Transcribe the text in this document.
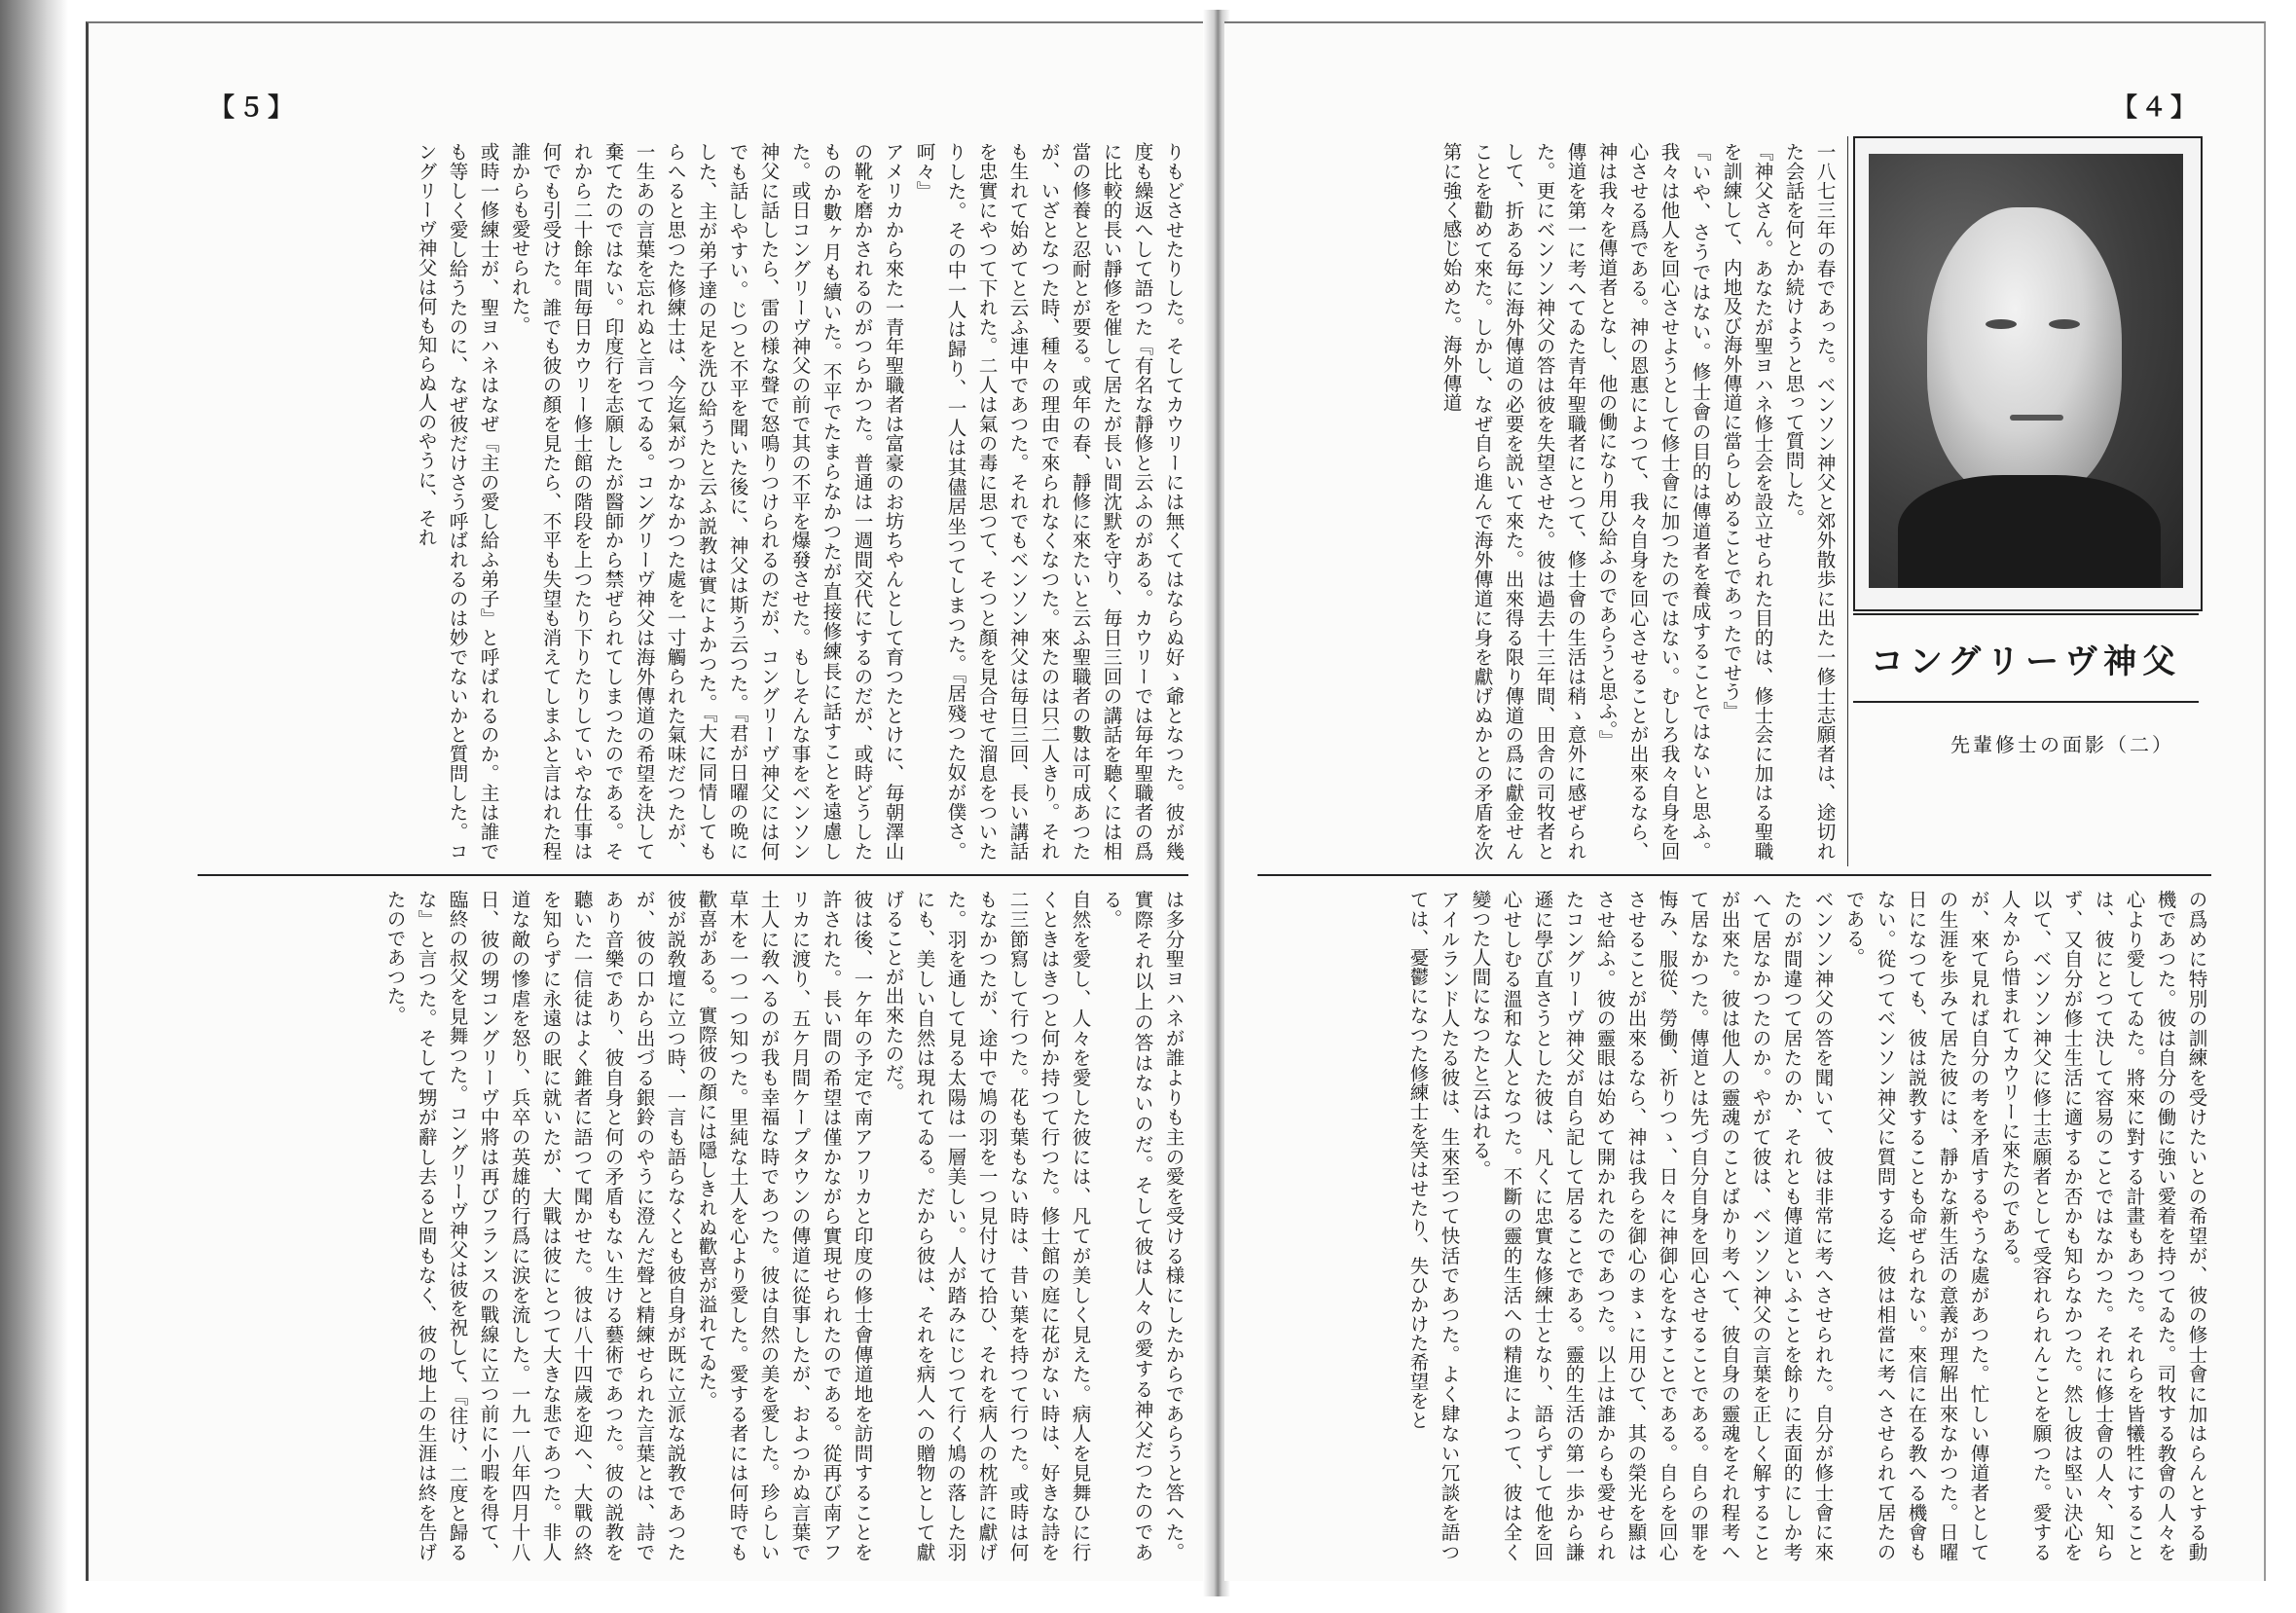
【５】
りもどさせたりした。そしてカウリーには無くてはならぬ好ゝ爺となつた。彼が幾度も繰返へして語つた『有名な靜修と云ふのがある。カウリーでは毎年聖職者の爲に比較的長い靜修を催して居たが長い間沈默を守り、毎日三回の講話を聽くには相當の修養と忍耐とが要る。或年の春、靜修に來たいと云ふ聖職者の數は可成あつたが、いざとなつた時、種々の理由で來られなくなつた。來たのは只二人きり。それも生れて始めてと云ふ連中であつた。それでもベンソン神父は毎日三回、長い講話を忠實にやつて下れた。二人は氣の毒に思つて、そつと顏を見合せて溜息をついたりした。その中一人は歸り、一人は其儘居坐つてしまつた。『居殘つた奴が僕さ。呵々』
アメリカから來た一青年聖職者は富豪のお坊ちやんとして育つたとけに、毎朝澤山の靴を磨かされるのがつらかつた。普通は一週間交代にするのだが、或時どうしたものか數ヶ月も續いた。不平でたまらなかつたが直接修練長に話すことを遠慮した。或日コングリーヴ神父の前で其の不平を爆發させた。もしそんな事をベンソン神父に話したら、雷の様な聲で怒鳴りつけられるのだが、コングリーヴ神父には何でも話しやすい。じつと不平を聞いた後に、神父は斯う云つた。『君が日曜の晩にした、主が弟子達の足を洗ひ給うたと云ふ説教は實によかつた。『大に同情してもらへると思つた修練士は、今迄氣がつかなかつた處を一寸觸られた氣味だつたが、一生あの言葉を忘れぬと言つてゐる。コングリーヴ神父は海外傳道の希望を決して棄てたのではない。印度行を志願したが醫師から禁ぜられてしまつたのである。それから二十餘年間毎日カウリー修士館の階段を上つたり下りたりしていやな仕事は何でも引受けた。誰でも彼の顏を見たら、不平も失望も消えてしまふと言はれた程誰からも愛せられた。
或時一修練士が、聖ヨハネはなぜ『主の愛し給ふ弟子』と呼ばれるのか。主は誰でも等しく愛し給うたのに、なぜ彼だけさう呼ばれるのは妙でないかと質問した。コングリーヴ神父は何も知らぬ人のやうに、それ
は多分聖ヨハネが誰よりも主の愛を受ける様にしたからであらうと答へた。實際それ以上の答はないのだ。そして彼は人々の愛する神父だつたのである。
自然を愛し、人々を愛した彼には、凡てが美しく見えた。病人を見舞ひに行くときはきつと何か持つて行つた。修士館の庭に花がない時は、好きな詩を二三節寫して行つた。花も葉もない時は、昔い葉を持つて行つた。或時は何もなかつたが、途中で鳩の羽を一つ見付けて拾ひ、それを病人の枕許に獻げた。羽を通して見る太陽は一層美しい。人が踏みにじつて行く鳩の落した羽にも、美しい自然は現れてゐる。だから彼は、それを病人への贈物として獻げることが出來たのだ。
彼は後、一ケ年の予定で南アフリカと印度の修士會傳道地を訪問することを許された。長い間の希望は僅かながら實現せられたのである。從再び南アフリカに渡り、五ケ月間ケープタウンの傳道に從事したが、およつかぬ言葉で土人に敎へるのが我も幸福な時であつた。彼は自然の美を愛した。珍らしい草木を一つ一つ知つた。里純な土人を心より愛した。愛する者には何時でも歡喜がある。實際彼の顏には隱しきれぬ歡喜が溢れてゐた。
彼が説敎壇に立つ時、一言も語らなくとも彼自身が既に立派な説教であつたが、彼の口から出づる銀鈴のやうに澄んだ聲と精練せられた言葉とは、詩であり音樂であり、彼自身と何の矛盾もない生ける藝術であつた。彼の説教を聽いた一信徒はよく錐者に語つて聞かせた。彼は八十四歲を迎へ、大戰の終を知らずに永遠の眠に就いたが、大戰は彼にとつて大きな悲であつた。非人道な敵の慘虐を怒り、兵卒の英雄的行爲に涙を流した。一九一八年四月十八日、彼の甥コングリーヴ中將は再びフランスの戰線に立つ前に小暇を得て、臨終の叔父を見舞つた。コングリーヴ神父は彼を祝して、『往け、二度と歸るな』と言つた。そして甥が辭し去ると間もなく、彼の地上の生涯は終を告げたのであつた。
【４】
一八七三年の春であった。ベンソン神父と郊外散歩に出た一修士志願者は、途切れた会話を何とか続けようと思って質問した。
『神父さん。あなたが聖ヨハネ修士会を設立せられた目的は、修士会に加はる聖職を訓練して、内地及び海外傳道に當らしめることであったでせう』
『いや、さうではない。修士會の目的は傳道者を養成することではないと思ふ。我々は他人を回心させようとして修士會に加つたのではない。むしろ我々自身を回心させる爲である。神の恩惠によつて、我々自身を回心させることが出來るなら、神は我々を傳道者となし、他の働になり用ひ給ふのであらうと思ふ。』
傳道を第一に考へてゐた青年聖職者にとつて、修士會の生活は稍ゝ意外に感ぜられた。更にベンソン神父の答は彼を失望させた。彼は過去十三年間、田舎の司牧者として、折ある毎に海外傳道の必要を説いて來た。出來得る限り傳道の爲に獻金せんことを勸めて來た。しかし、なぜ自ら進んで海外傳道に身を獻げぬかとの矛盾を次第に強く感じ始めた。海外傳道
コングリーヴ神父
先輩修士の面影（二）
の爲めに特別の訓練を受けたいとの希望が、彼の修士會に加はらんとする動機であつた。彼は自分の働に強い愛着を持つてゐた。司牧する教會の人々を心より愛してゐた。將來に對する計畫もあつた。それらを皆犧牲にすることは、彼にとつて決して容易のことではなかつた。それに修士會の人々、知らず、又自分が修士生活に適するか否かも知らなかつた。然し彼は堅い決心を以て、ベンソン神父に修士志願者として受容れられんことを願つた。愛する人々から惜まれてカウリーに來たのである。
が、來て見れば自分の考を矛盾するやうな處があつた。忙しい傳道者としての生涯を歩みて居た彼には、靜かな新生活の意義が理解出來なかつた。日曜日になつても、彼は説教することも命ぜられない。來信に在る教へる機會もない。從つてベンソン神父に質問する迄、彼は相當に考へさせられて居たのである。
ベンソン神父の答を聞いて、彼は非常に考へさせられた。自分が修士會に來たのが間違つて居たのか、それとも傳道といふことを餘りに表面的にしか考へて居なかつたのか。やがて彼は、ベンソン神父の言葉を正しく解することが出來た。彼は他人の靈魂のことばかり考へて、彼自身の靈魂をそれ程考へて居なかつた。傳道とは先づ自分自身を回心させることである。自らの罪を悔み、服從、勞働、祈りつゝ、日々に神御心をなすことである。自らを回心させることが出來るなら、神は我らを御心のまゝに用ひて、其の榮光を顯はさせ給ふ。彼の靈眼は始めて開かれたのであつた。以上は誰からも愛せられたコングリーヴ神父が自ら記して居ることである。靈的生活の第一歩から謙遜に學び直さうとした彼は、凡くに忠實な修練士となり、語らずして他を回心せしむる溫和な人となつた。不斷の靈的生活への精進によつて、彼は全く變つた人間になつたと云はれる。
アイルランド人たる彼は、生來至つて快活であつた。よく肆ない冗談を語つては、憂鬱になつた修練士を笑はせたり、失ひかけた希望をと
